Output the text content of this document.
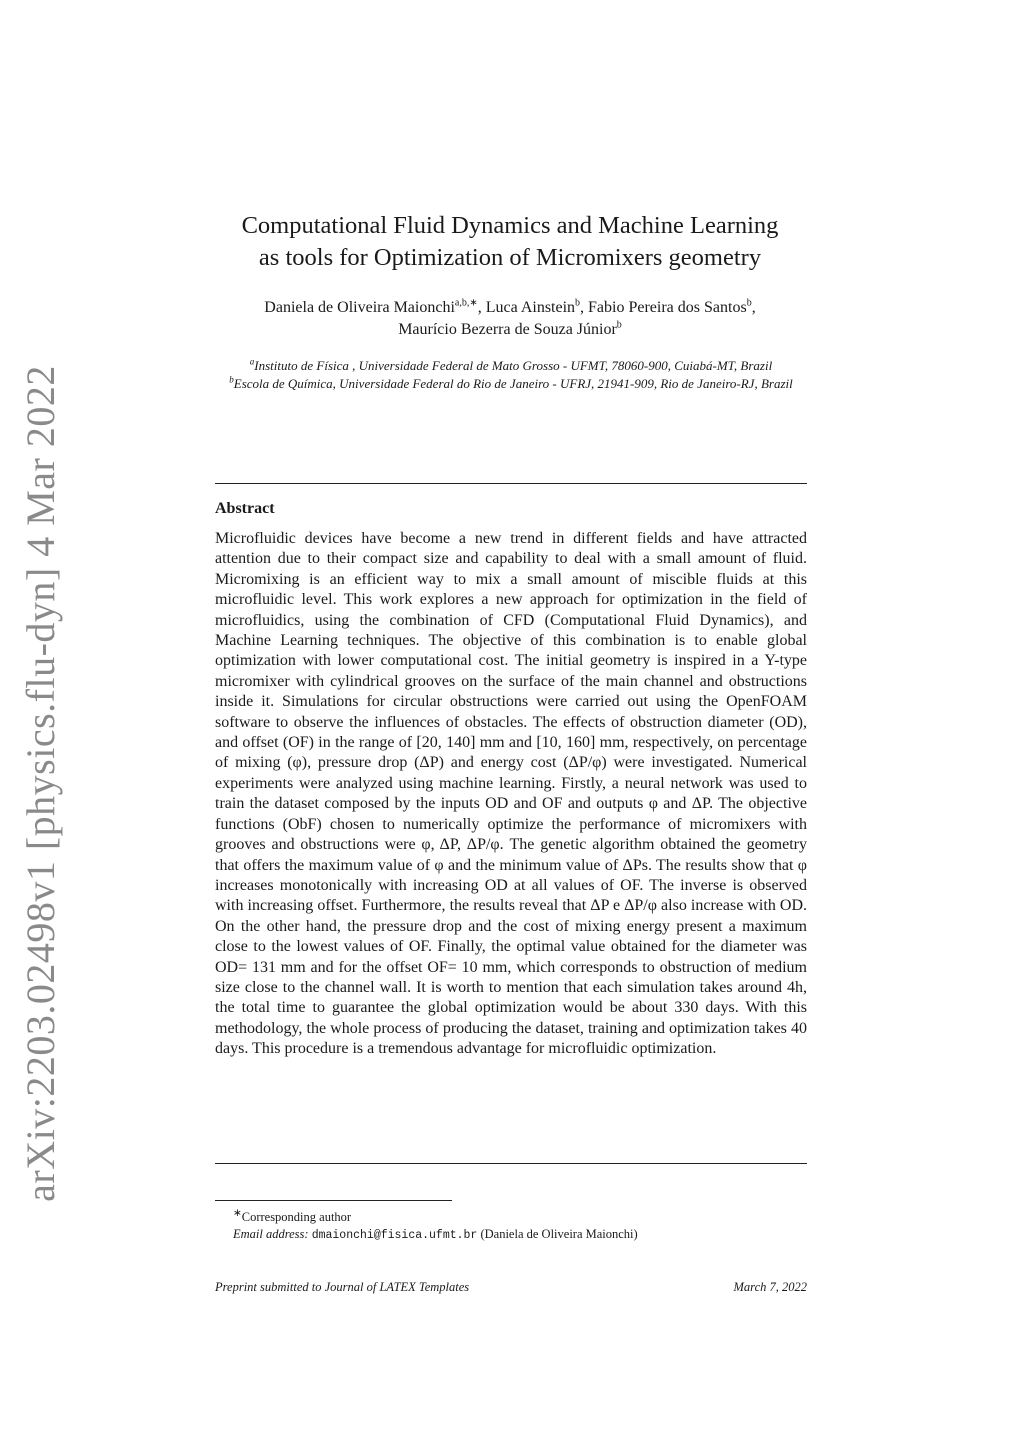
arXiv:2203.02498v1 [physics.flu-dyn] 4 Mar 2022
Computational Fluid Dynamics and Machine Learning
as tools for Optimization of Micromixers geometry
Daniela de Oliveira Maionchi$^{a,b,∗}$, Luca Ainstein$^b$, Fabio Pereira dos Santos$^b$,
Maurício Bezerra de Souza Júnior$^b$
$^a$Instituto de Física , Universidade Federal de Mato Grosso - UFMT, 78060-900, Cuiabá-MT, Brazil
$^b$Escola de Química, Universidade Federal do Rio de Janeiro - UFRJ, 21941-909, Rio de Janeiro-RJ, Brazil
Abstract
Microfluidic devices have become a new trend in different fields and have attracted attention due to their compact size and capability to deal with a small amount of fluid. Micromixing is an efficient way to mix a small amount of miscible fluids at this microfluidic level. This work explores a new approach for optimization in the field of microfluidics, using the combination of CFD (Computational Fluid Dynamics), and Machine Learning techniques. The objective of this combination is to enable global optimization with lower computational cost. The initial geometry is inspired in a Y-type micromixer with cylindrical grooves on the surface of the main channel and obstructions inside it. Simulations for circular obstructions were carried out using the OpenFOAM software to observe the influences of obstacles. The effects of obstruction diameter (OD), and offset (OF) in the range of [20, 140] mm and [10, 160] mm, respectively, on percentage of mixing (φ), pressure drop (ΔP) and energy cost (ΔP/φ) were investigated. Numerical experiments were analyzed using machine learning. Firstly, a neural network was used to train the dataset composed by the inputs OD and OF and outputs φ and ΔP. The objective functions (ObF) chosen to numerically optimize the performance of micromixers with grooves and obstructions were φ, ΔP, ΔP/φ. The genetic algorithm obtained the geometry that offers the maximum value of φ and the minimum value of ΔPs. The results show that φ increases monotonically with increasing OD at all values of OF. The inverse is observed with increasing offset. Furthermore, the results reveal that ΔP e ΔP/φ also increase with OD. On the other hand, the pressure drop and the cost of mixing energy present a maximum close to the lowest values of OF. Finally, the optimal value obtained for the diameter was OD= 131 mm and for the offset OF= 10 mm, which corresponds to obstruction of medium size close to the channel wall. It is worth to mention that each simulation takes around 4h, the total time to guarantee the global optimization would be about 330 days. With this methodology, the whole process of producing the dataset, training and optimization takes 40 days. This procedure is a tremendous advantage for microfluidic optimization.
∗Corresponding author
Email address: dmaionchi@fisica.ufmt.br (Daniela de Oliveira Maionchi)
Preprint submitted to Journal of LATEX Templates	March 7, 2022
